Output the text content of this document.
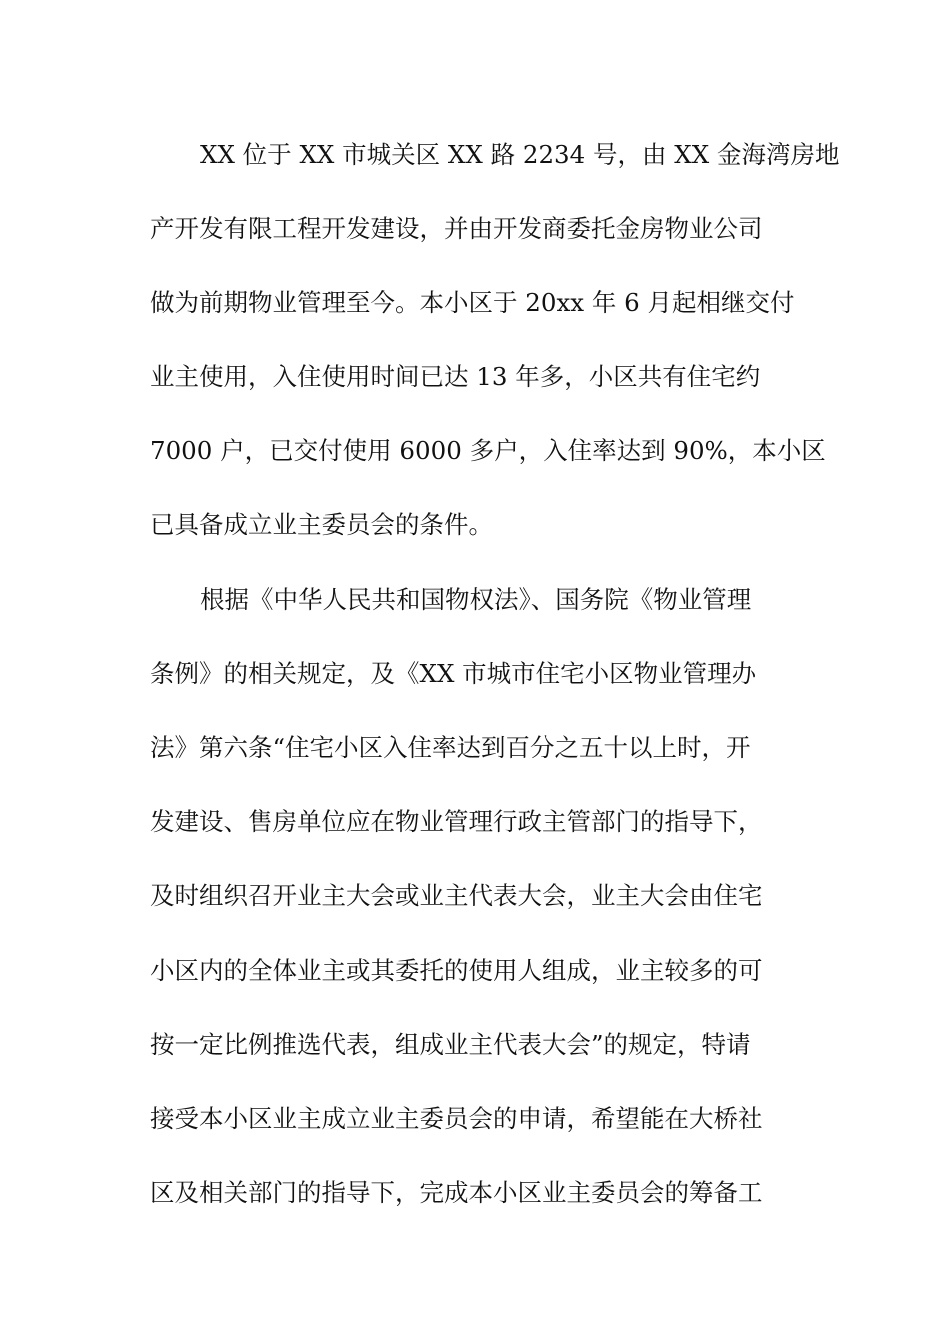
XX 位于 XX 市城关区 XX 路 2234 号，由 XX 金海湾房地
产开发有限工程开发建设，并由开发商委托金房物业公司
做为前期物业管理至今。本小区于 20xx 年 6 月起相继交付
业主使用，入住使用时间已达 13 年多，小区共有住宅约
7000 户，已交付使用 6000 多户，入住率达到 90%，本小区
已具备成立业主委员会的条件。
根据《中华人民共和国物权法》、国务院《物业管理
条例》的相关规定，及《XX 市城市住宅小区物业管理办
法》第六条“住宅小区入住率达到百分之五十以上时，开
发建设、售房单位应在物业管理行政主管部门的指导下，
及时组织召开业主大会或业主代表大会，业主大会由住宅
小区内的全体业主或其委托的使用人组成，业主较多的可
按一定比例推选代表，组成业主代表大会”的规定，特请
接受本小区业主成立业主委员会的申请，希望能在大桥社
区及相关部门的指导下，完成本小区业主委员会的筹备工
